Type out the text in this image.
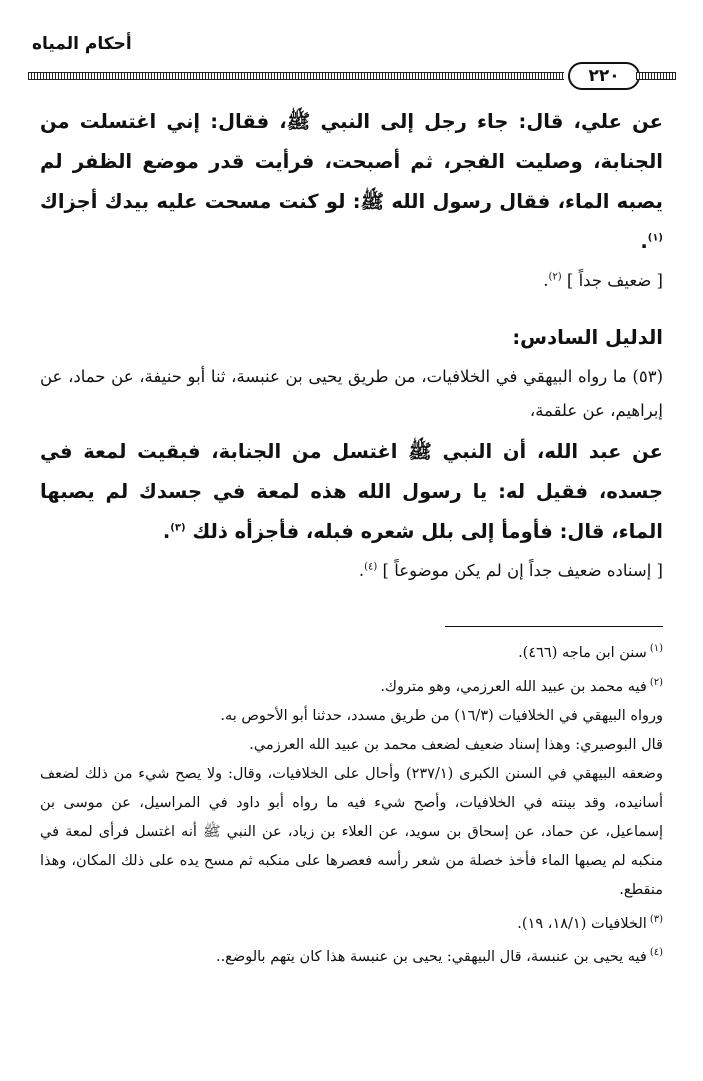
أحكام المياه
٢٢٠

عن علي، قال: جاء رجل إلى النبي ﷺ، فقال: إني اغتسلت من الجنابة، وصليت الفجر، ثم أصبحت، فرأيت قدر موضع الظفر لم يصبه الماء، فقال رسول الله ﷺ: لو كنت مسحت عليه بيدك أجزاك $^{(١)}$.

[ ضعيف جداً ] $^{(٢)}$.

الدليل السادس:

(٥٣) ما رواه البيهقي في الخلافيات، من طريق يحيى بن عنبسة، ثنا أبو حنيفة، عن حماد، عن إبراهيم، عن علقمة،

عن عبد الله، أن النبي ﷺ اغتسل من الجنابة، فبقيت لمعة في جسده، فقيل له: يا رسول الله هذه لمعة في جسدك لم يصبها الماء، قال: فأومأ إلى بلل شعره فبله، فأجزأه ذلك $^{(٣)}$.

[ إسناده ضعيف جداً إن لم يكن موضوعاً ] $^{(٤)}$.

$^{(١)}$سنن ابن ماجه (٤٦٦).

$^{(٢)}$فيه محمد بن عبيد الله العرزمي، وهو متروك.

ورواه البيهقي في الخلافيات (١٦/٣) من طريق مسدد، حدثنا أبو الأحوص به.

قال البوصيري: وهذا إسناد ضعيف لضعف محمد بن عبيد الله العرزمي.

وضعفه البيهقي في السنن الكبرى (٢٣٧/١) وأحال على الخلافيات، وقال: ولا يصح شيء من ذلك لضعف أسانيده، وقد بينته في الخلافيات، وأصح شيء فيه ما رواه أبو داود في المراسيل، عن موسى بن إسماعيل، عن حماد، عن إسحاق بن سويد، عن العلاء بن زياد، عن النبي ﷺ أنه اغتسل فرأى لمعة في منكبه لم يصبها الماء فأخذ خصلة من شعر رأسه فعصرها على منكبه ثم مسح يده على ذلك المكان، وهذا منقطع.

$^{(٣)}$الخلافيات (١٨/١، ١٩).

$^{(٤)}$فيه يحيى بن عنبسة، قال البيهقي: يحيى بن عنبسة هذا كان يتهم بالوضع..
